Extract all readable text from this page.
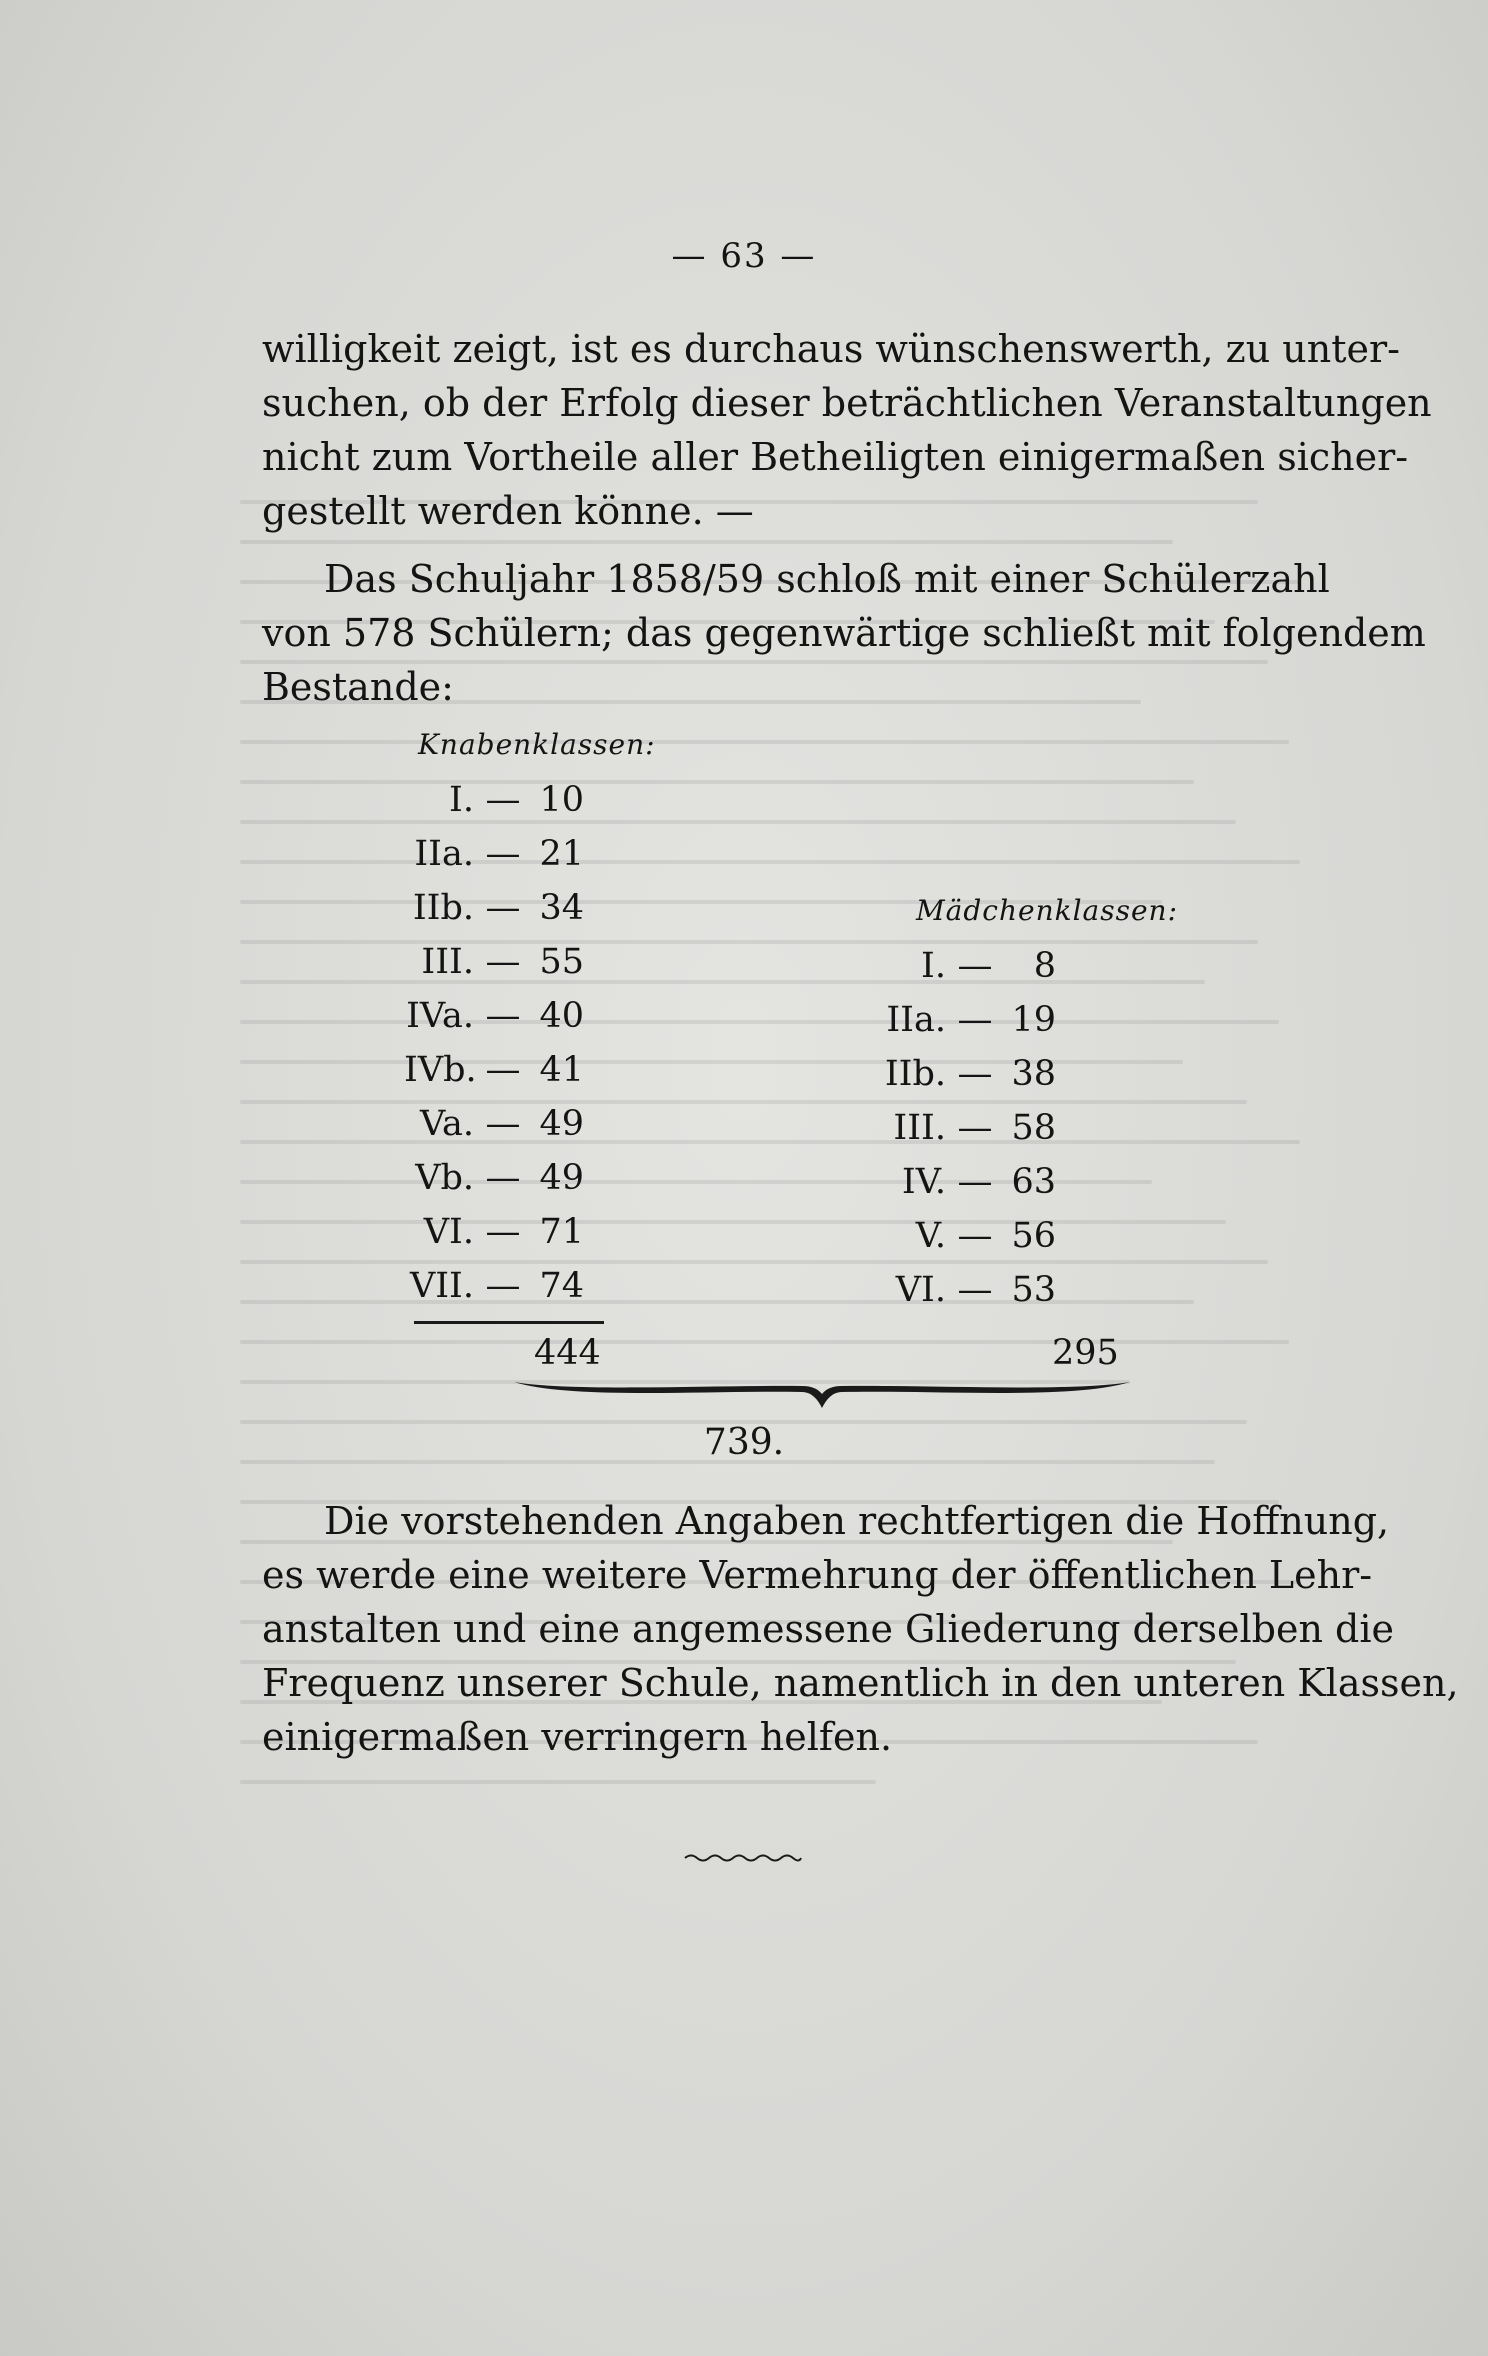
— 63 —
willigkeit zeigt, ist es durchaus wünschenswerth, zu unter-
suchen, ob der Erfolg dieser beträchtlichen Veranstaltungen
nicht zum Vortheile aller Betheiligten einigermaßen sicher-
gestellt werden könne. —
Das Schuljahr 1858/59 schloß mit einer Schülerzahl
von 578 Schülern; das gegenwärtige schließt mit folgendem
Bestande:
Knabenklassen:
I. — 10
IIa. — 21
IIb. — 34
III. — 55
IVa. — 40
IVb. — 41
Va. — 49
Vb. — 49
VI. — 71
VII. — 74
444
Mädchenklassen:
I. — 8
IIa. — 19
IIb. — 38
III. — 58
IV. — 63
V. — 56
VI. — 53
295
739.
Die vorstehenden Angaben rechtfertigen die Hoffnung,
es werde eine weitere Vermehrung der öffentlichen Lehr-
anstalten und eine angemessene Gliederung derselben die
Frequenz unserer Schule, namentlich in den unteren Klassen,
einigermaßen verringern helfen.
